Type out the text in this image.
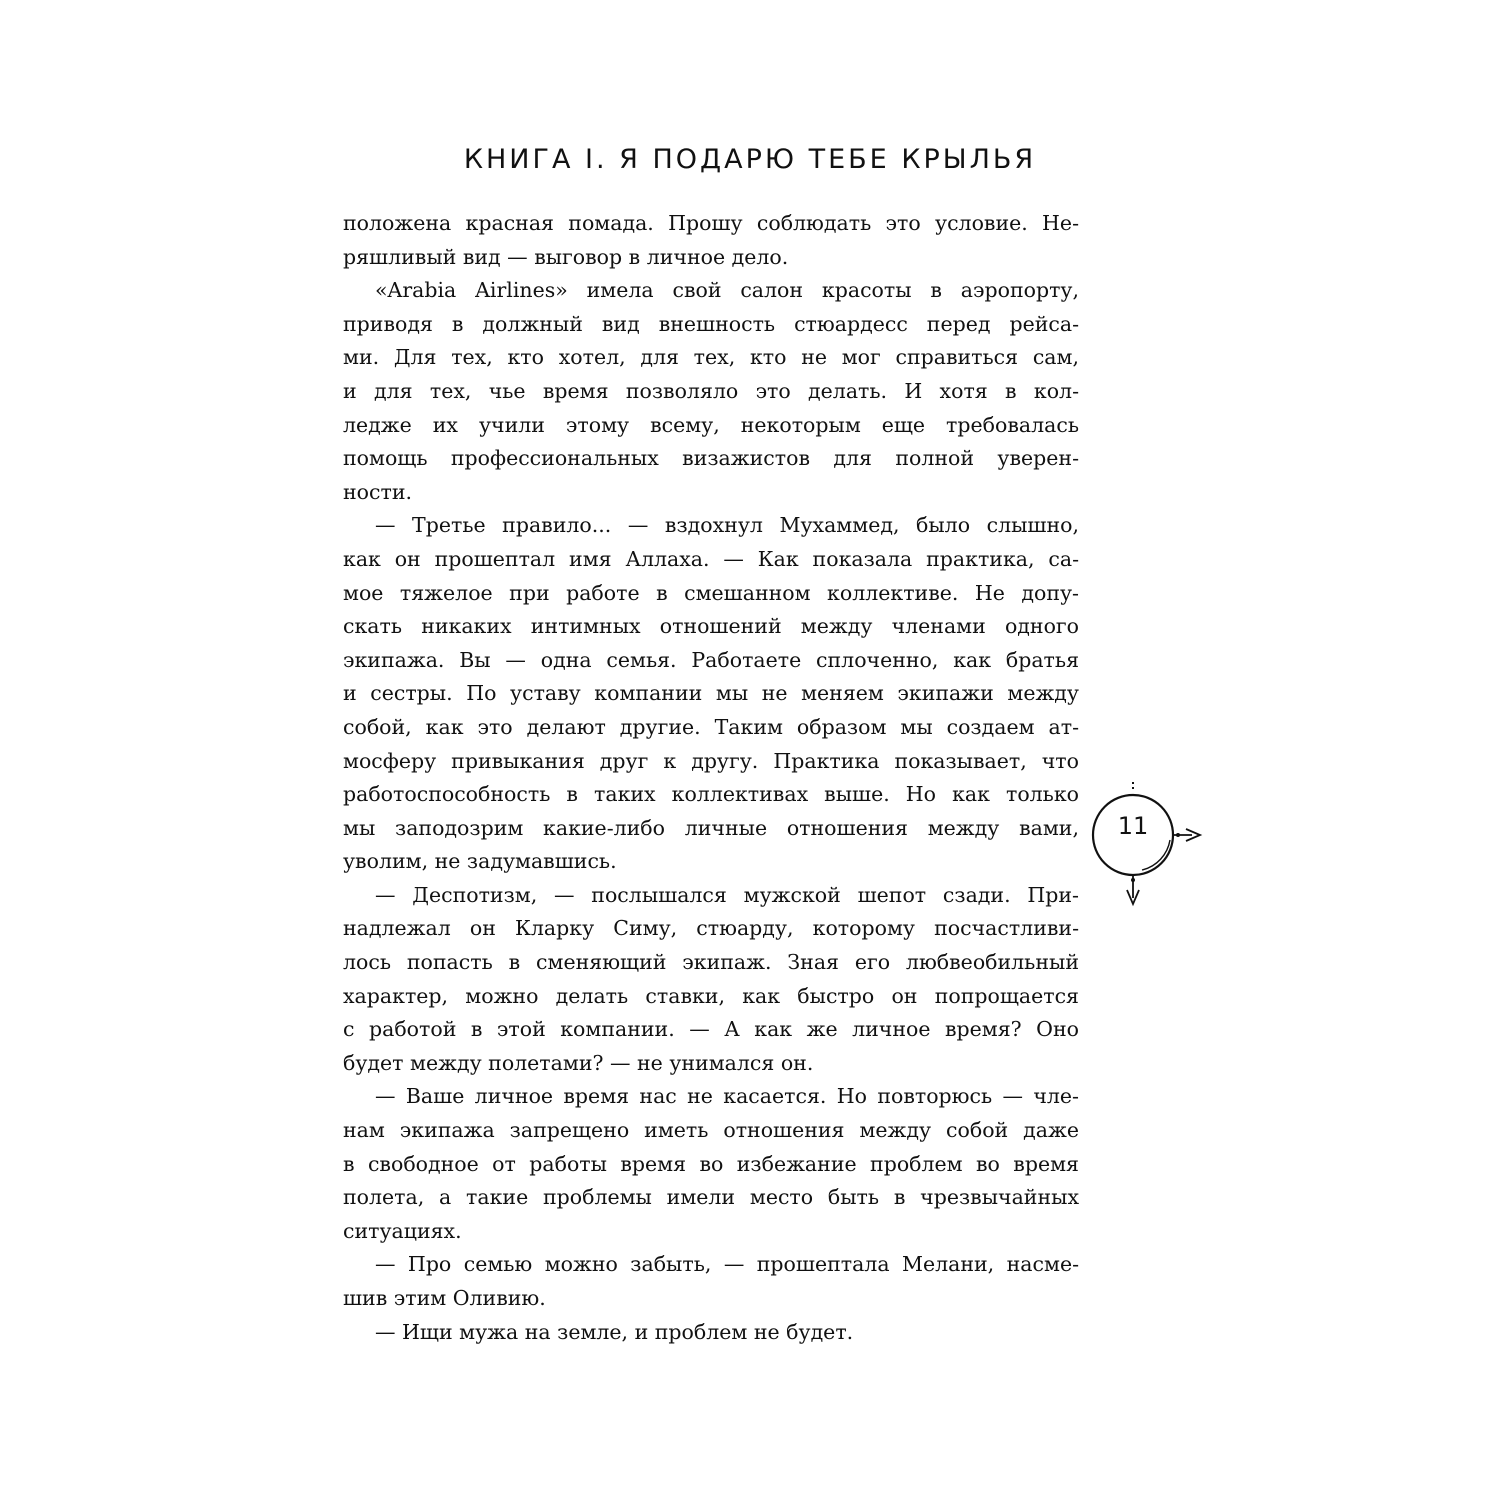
КНИГА I. Я ПОДАРЮ ТЕБЕ КРЫЛЬЯ
положена красная помада. Прошу соблюдать это условие. Не-
ряшливый вид — выговор в личное дело.
«Arabia Airlines» имела свой салон красоты в аэропорту,
приводя в должный вид внешность стюардесс перед рейса-
ми. Для тех, кто хотел, для тех, кто не мог справиться сам,
и для тех, чье время позволяло это делать. И хотя в кол-
ледже их учили этому всему, некоторым еще требовалась
помощь профессиональных визажистов для полной уверен-
ности.
— Третье правило... — вздохнул Мухаммед, было слышно,
как он прошептал имя Аллаха. — Как показала практика, са-
мое тяжелое при работе в смешанном коллективе. Не допу-
скать никаких интимных отношений между членами одного
экипажа. Вы — одна семья. Работаете сплоченно, как братья
и сестры. По уставу компании мы не меняем экипажи между
собой, как это делают другие. Таким образом мы создаем ат-
мосферу привыкания друг к другу. Практика показывает, что
работоспособность в таких коллективах выше. Но как только
мы заподозрим какие-либо личные отношения между вами,
уволим, не задумавшись.
— Деспотизм, — послышался мужской шепот сзади. При-
надлежал он Кларку Симу, стюарду, которому посчастливи-
лось попасть в сменяющий экипаж. Зная его любвеобильный
характер, можно делать ставки, как быстро он попрощается
с работой в этой компании. — А как же личное время? Оно
будет между полетами? — не унимался он.
— Ваше личное время нас не касается. Но повторюсь — чле-
нам экипажа запрещено иметь отношения между собой даже
в свободное от работы время во избежание проблем во время
полета, а такие проблемы имели место быть в чрезвычайных
ситуациях.
— Про семью можно забыть, — прошептала Мелани, насме-
шив этим Оливию.
— Ищи мужа на земле, и проблем не будет.
11
